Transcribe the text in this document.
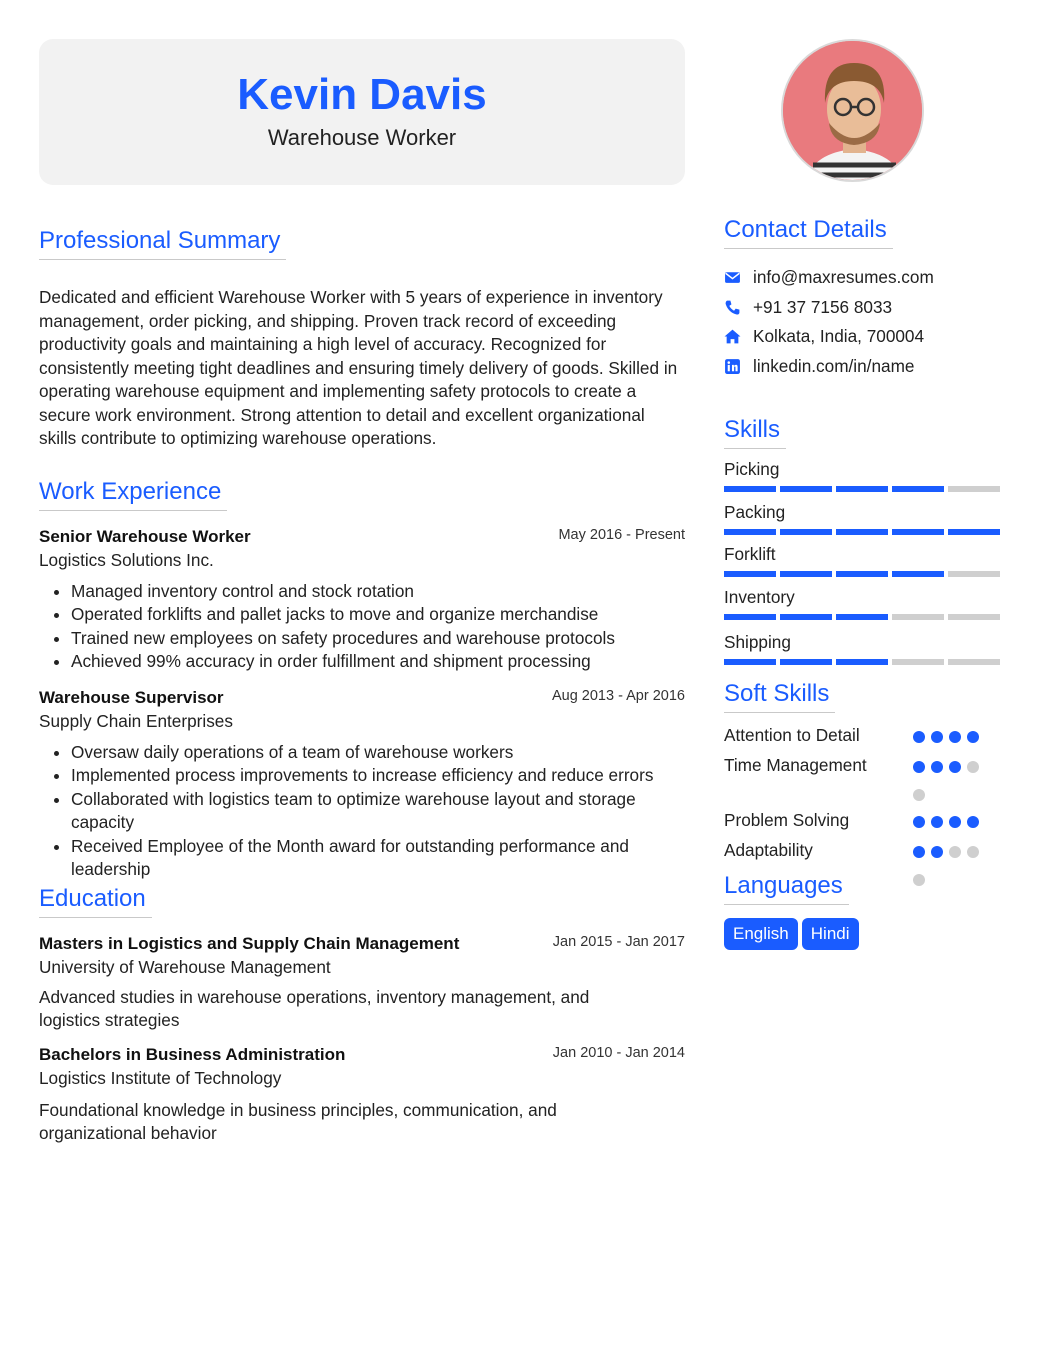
Kevin Davis
Warehouse Worker
Professional Summary
Dedicated and efficient Warehouse Worker with 5 years of experience in inventory management, order picking, and shipping. Proven track record of exceeding productivity goals and maintaining a high level of accuracy. Recognized for consistently meeting tight deadlines and ensuring timely delivery of goods. Skilled in operating warehouse equipment and implementing safety protocols to create a secure work environment. Strong attention to detail and excellent organizational skills contribute to optimizing warehouse operations.
Work Experience
Senior Warehouse Worker	May 2016 - Present
Logistics Solutions Inc.
• Managed inventory control and stock rotation
• Operated forklifts and pallet jacks to move and organize merchandise
• Trained new employees on safety procedures and warehouse protocols
• Achieved 99% accuracy in order fulfillment and shipment processing
Warehouse Supervisor	Aug 2013 - Apr 2016
Supply Chain Enterprises
• Oversaw daily operations of a team of warehouse workers
• Implemented process improvements to increase efficiency and reduce errors
• Collaborated with logistics team to optimize warehouse layout and storage capacity
• Received Employee of the Month award for outstanding performance and leadership
Education
Masters in Logistics and Supply Chain Management	Jan 2015 - Jan 2017
University of Warehouse Management
Advanced studies in warehouse operations, inventory management, and logistics strategies
Bachelors in Business Administration	Jan 2010 - Jan 2014
Logistics Institute of Technology
Foundational knowledge in business principles, communication, and organizational behavior
Contact Details
info@maxresumes.com
+91 37 7156 8033
Kolkata, India, 700004
linkedin.com/in/name
Skills
Picking
Packing
Forklift
Inventory
Shipping
Soft Skills
Attention to Detail
Time Management
Problem Solving
Adaptability
Languages
English Hindi
